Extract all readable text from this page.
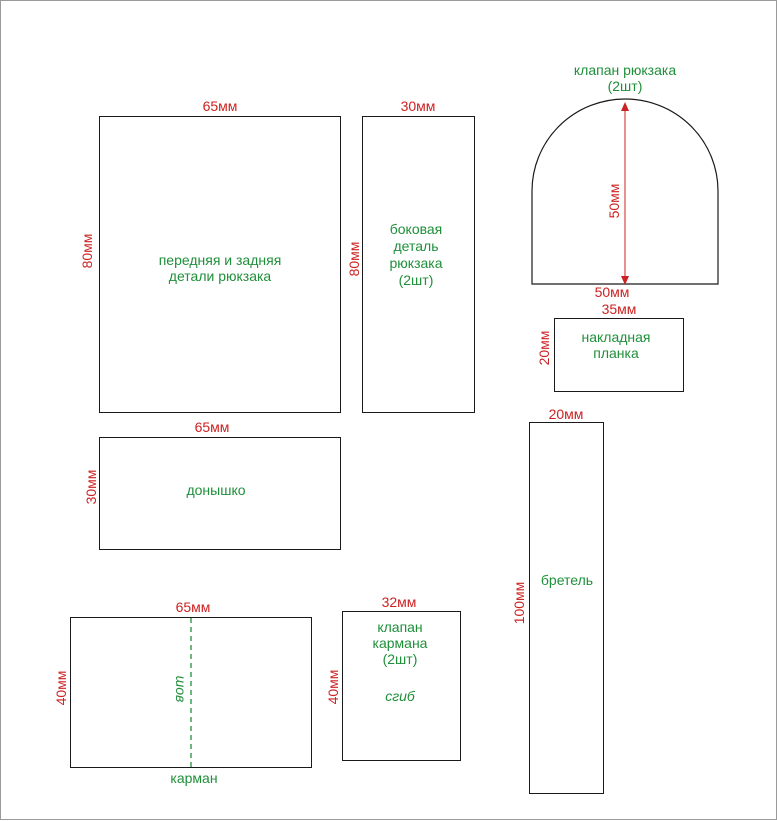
65мм
80мм	передняя и задняя
детали рюкзака
30мм
80мм
боковая
деталь
рюкзака
(2шт)
клапан рюкзака
(2шт)
50мм
50мм
35мм
20мм накладная
планка
65мм
30мм	донышко
20мм
100мм
бретель
65мм
40мм	шов
карман
32мм
40мм
клапан
кармана
(2шт)
сгиб
